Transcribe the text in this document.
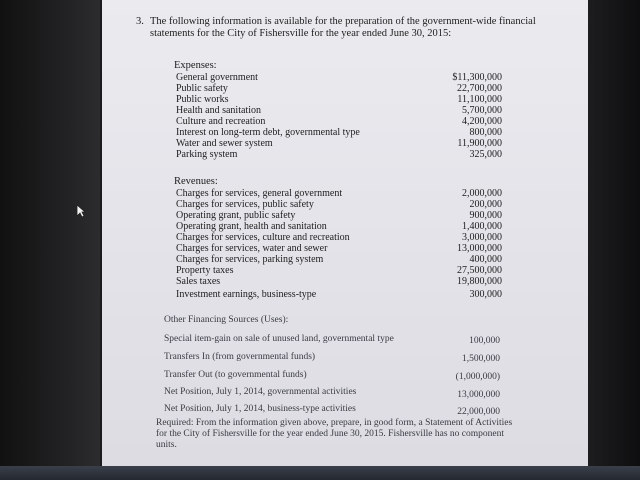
3. The following information is available for the preparation of the government-wide financial statements for the City of Fishersville for the year ended June 30, 2015:
Expenses:
General government	$11,300,000
Public safety	22,700,000
Public works	11,100,000
Health and sanitation	5,700,000
Culture and recreation	4,200,000
Interest on long-term debt, governmental type	800,000
Water and sewer system	11,900,000
Parking system	325,000
Revenues:
Charges for services, general government	2,000,000
Charges for services, public safety	200,000
Operating grant, public safety	900,000
Operating grant, health and sanitation	1,400,000
Charges for services, culture and recreation	3,000,000
Charges for services, water and sewer	13,000,000
Charges for services, parking system	400,000
Property taxes	27,500,000
Sales taxes	19,800,000
Investment earnings, business-type	300,000
Other Financing Sources (Uses):
Special item-gain on sale of unused land, governmental type	100,000
Transfers In (from governmental funds)	1,500,000
Transfer Out (to governmental funds)	(1,000,000)
Net Position, July 1, 2014, governmental activities	13,000,000
Net Position, July 1, 2014, business-type activities	22,000,000
Required: From the information given above, prepare, in good form, a Statement of Activities for the City of Fishersville for the year ended June 30, 2015. Fishersville has no component units.
